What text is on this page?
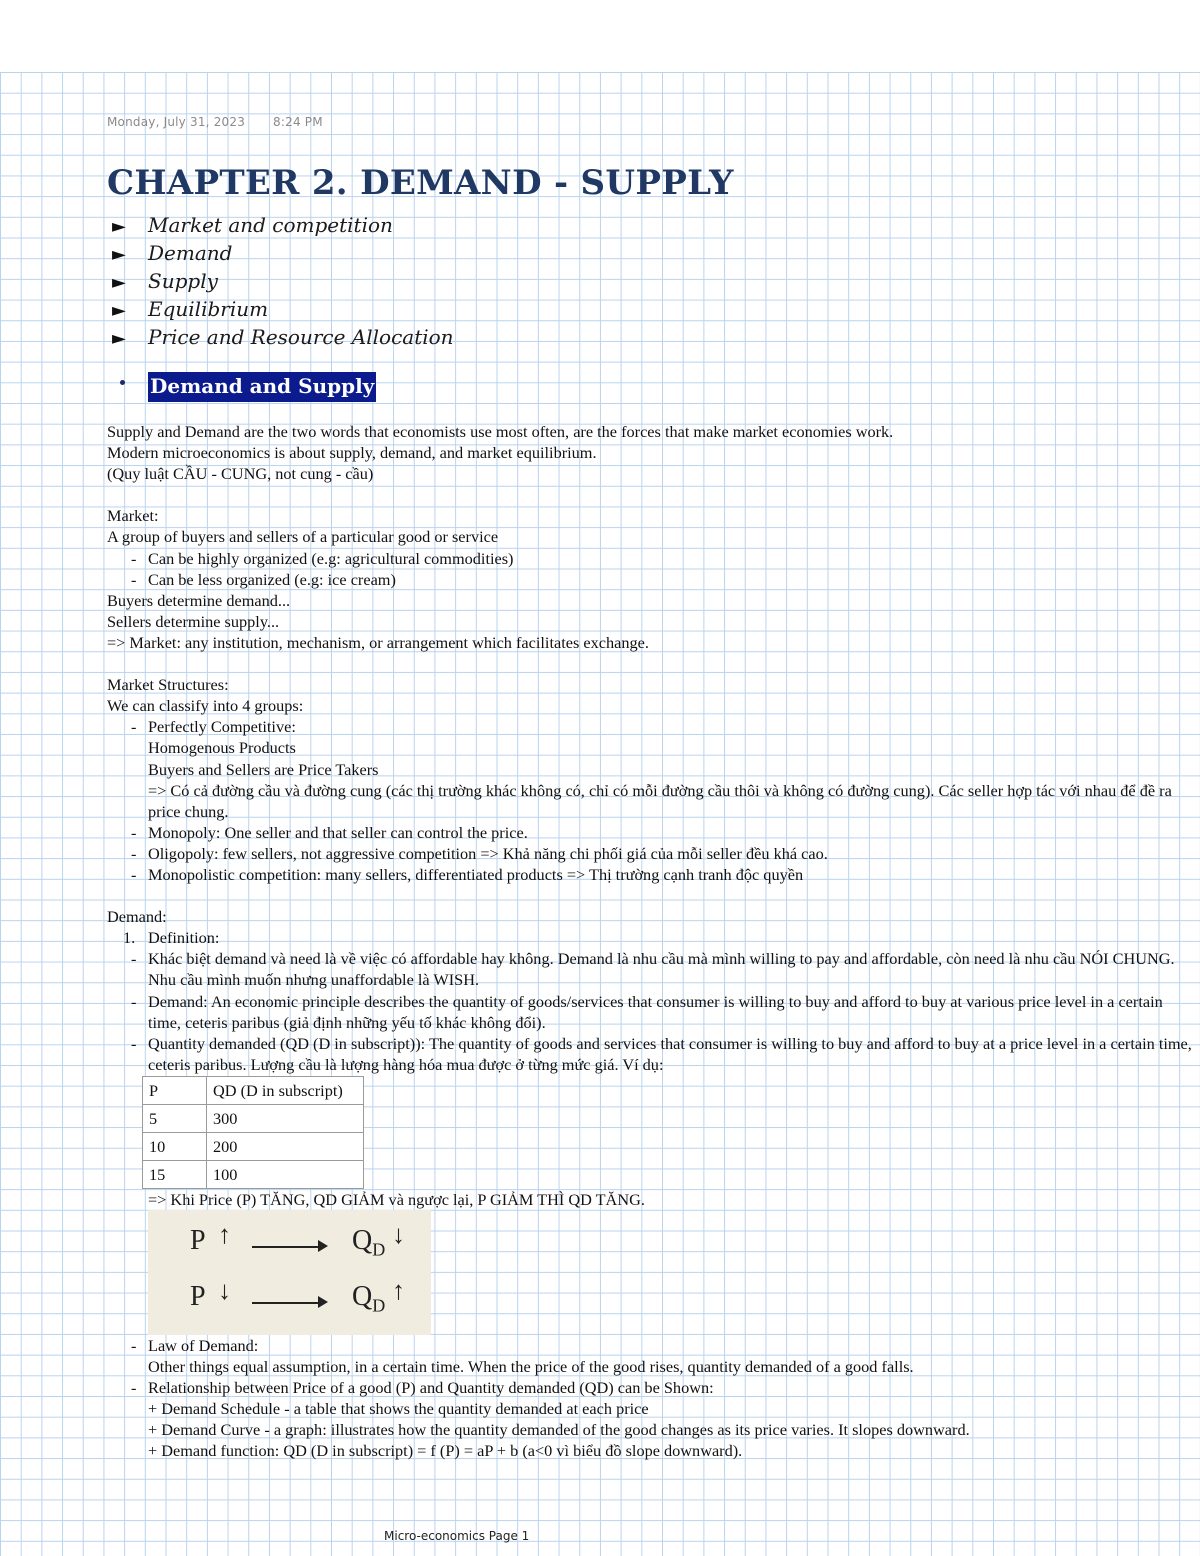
Monday, July 31, 2023 8:24 PM
CHAPTER 2. DEMAND - SUPPLY
► Market and competition
► Demand
► Supply
► Equilibrium
► Price and Resource Allocation
Demand and Supply
Supply and Demand are the two words that economists use most often, are the forces that make market economies work.
Modern microeconomics is about supply, demand, and market equilibrium.
(Quy luật CẦU - CUNG, not cung - cầu)
Market:
A group of buyers and sellers of a particular good or service
- Can be highly organized (e.g: agricultural commodities)
- Can be less organized (e.g: ice cream)
Buyers determine demand...
Sellers determine supply...
=> Market: any institution, mechanism, or arrangement which facilitates exchange.
Market Structures:
We can classify into 4 groups:
- Perfectly Competitive:
Homogenous Products
Buyers and Sellers are Price Takers
=> Có cả đường cầu và đường cung (các thị trường khác không có, chỉ có mỗi đường cầu thôi và không có đường cung). Các seller hợp tác với nhau để đề ra price chung.
- Monopoly: One seller and that seller can control the price.
- Oligopoly: few sellers, not aggressive competition => Khả năng chi phối giá của mỗi seller đều khá cao.
- Monopolistic competition: many sellers, differentiated products => Thị trường cạnh tranh độc quyền
Demand:
1. Definition:
- Khác biệt demand và need là về việc có affordable hay không. Demand là nhu cầu mà mình willing to pay and affordable, còn need là nhu cầu NÓI CHUNG. Nhu cầu mình muốn nhưng unaffordable là WISH.
- Demand: An economic principle describes the quantity of goods/services that consumer is willing to buy and afford to buy at various price level in a certain time, ceteris paribus (giả định những yếu tố khác không đổi).
- Quantity demanded (QD (D in subscript)): The quantity of goods and services that consumer is willing to buy and afford to buy at a price level in a certain time, ceteris paribus. Lượng cầu là lượng hàng hóa mua được ở từng mức giá. Ví dụ:
P	QD (D in subscript)
5	300
10	200
15	100
=> Khi Price (P) TĂNG, QD GIẢM và ngược lại, P GIẢM THÌ QD TĂNG.
P ↑	$Q_D$
↓
P ↓	$Q_D$
↑
- Law of Demand:
Other things equal assumption, in a certain time. When the price of the good rises, quantity demanded of a good falls.
- Relationship between Price of a good (P) and Quantity demanded (QD) can be Shown:
+ Demand Schedule - a table that shows the quantity demanded at each price
+ Demand Curve - a graph: illustrates how the quantity demanded of the good changes as its price varies. It slopes downward.
+ Demand function: QD (D in subscript) = f (P) = aP + b (a<0 vì biểu đồ slope downward).
Micro-economics Page 1
